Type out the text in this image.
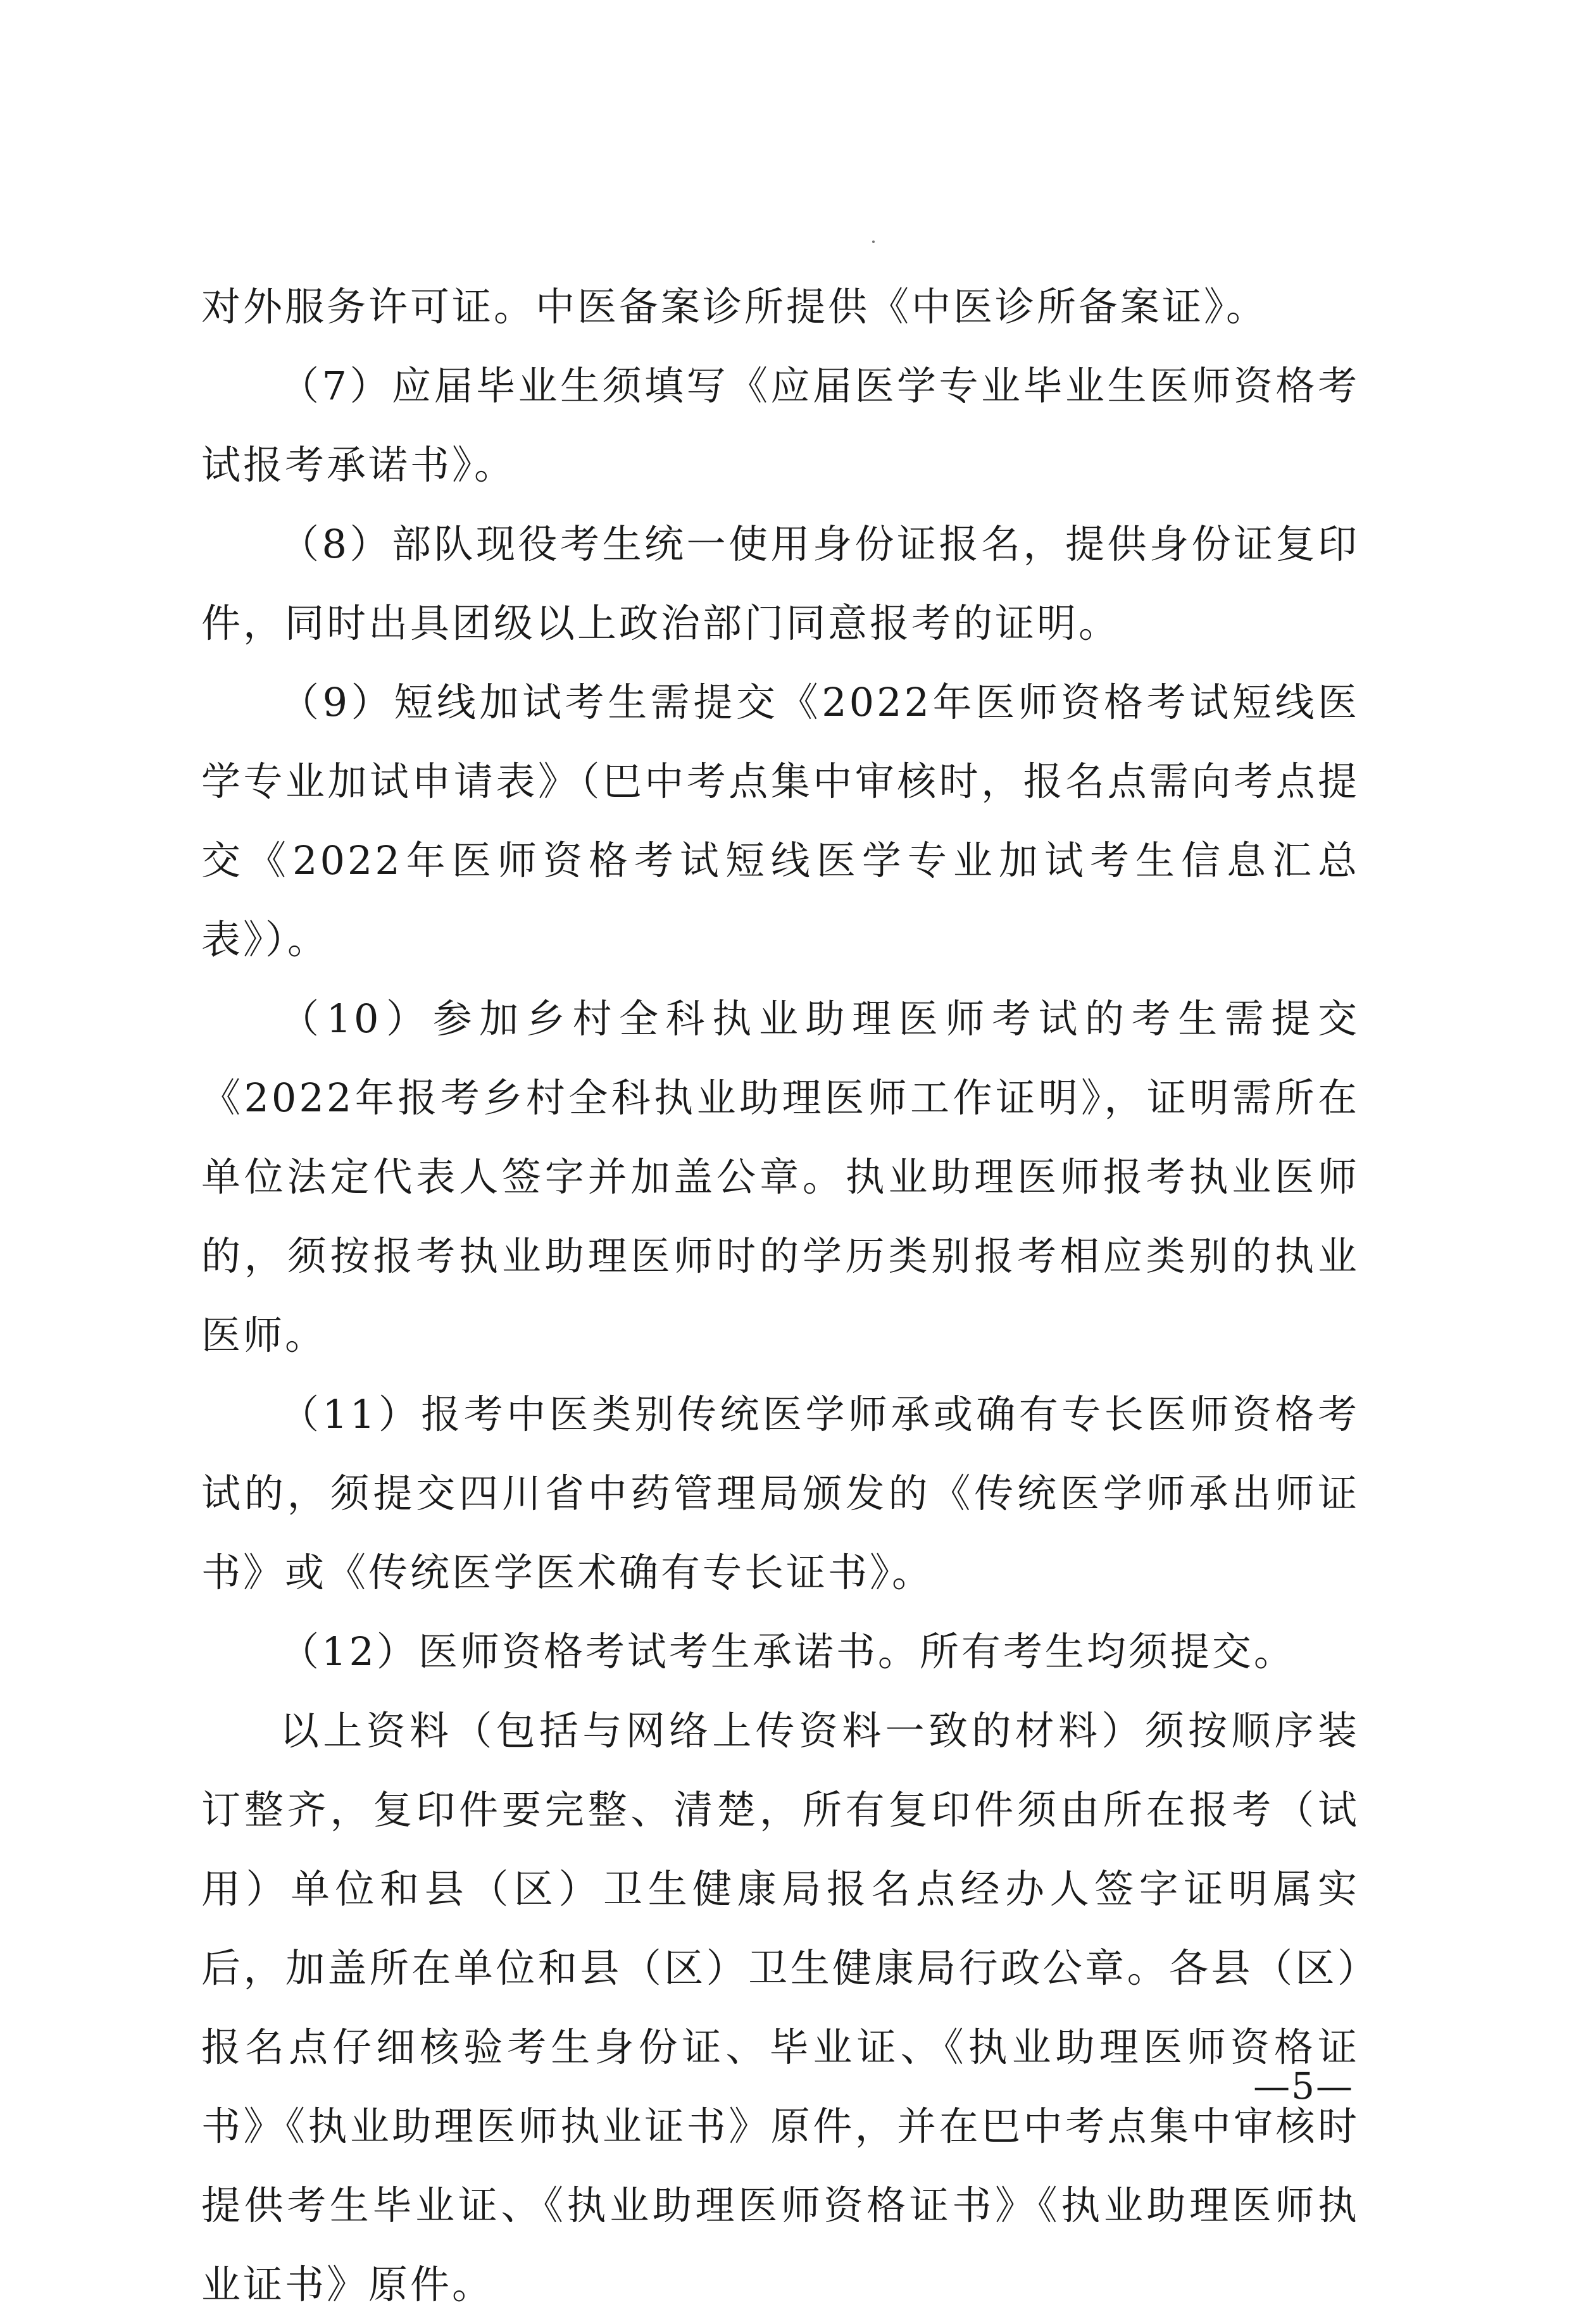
对外服务许可证。中医备案诊所提供《中医诊所备案证》。

（7）应届毕业生须填写《应届医学专业毕业生医师资格考试报考承诺书》。

（8）部队现役考生统一使用身份证报名，提供身份证复印件，同时出具团级以上政治部门同意报考的证明。

（9）短线加试考生需提交《2022年医师资格考试短线医学专业加试申请表》（巴中考点集中审核时，报名点需向考点提交《2022年医师资格考试短线医学专业加试考生信息汇总表》）。

（10）参加乡村全科执业助理医师考试的考生需提交《2022年报考乡村全科执业助理医师工作证明》，证明需所在单位法定代表人签字并加盖公章。执业助理医师报考执业医师的，须按报考执业助理医师时的学历类别报考相应类别的执业医师。

（11）报考中医类别传统医学师承或确有专长医师资格考试的，须提交四川省中药管理局颁发的《传统医学师承出师证书》或《传统医学医术确有专长证书》。

（12）医师资格考试考生承诺书。所有考生均须提交。

以上资料（包括与网络上传资料一致的材料）须按顺序装订整齐，复印件要完整、清楚，所有复印件须由所在报考（试用）单位和县（区）卫生健康局报名点经办人签字证明属实后，加盖所在单位和县（区）卫生健康局行政公章。各县（区）报名点仔细核验考生身份证、毕业证、《执业助理医师资格证书》《执业助理医师执业证书》原件，并在巴中考点集中审核时提供考生毕业证、《执业助理医师资格证书》《执业助理医师执业证书》原件。

—5—
